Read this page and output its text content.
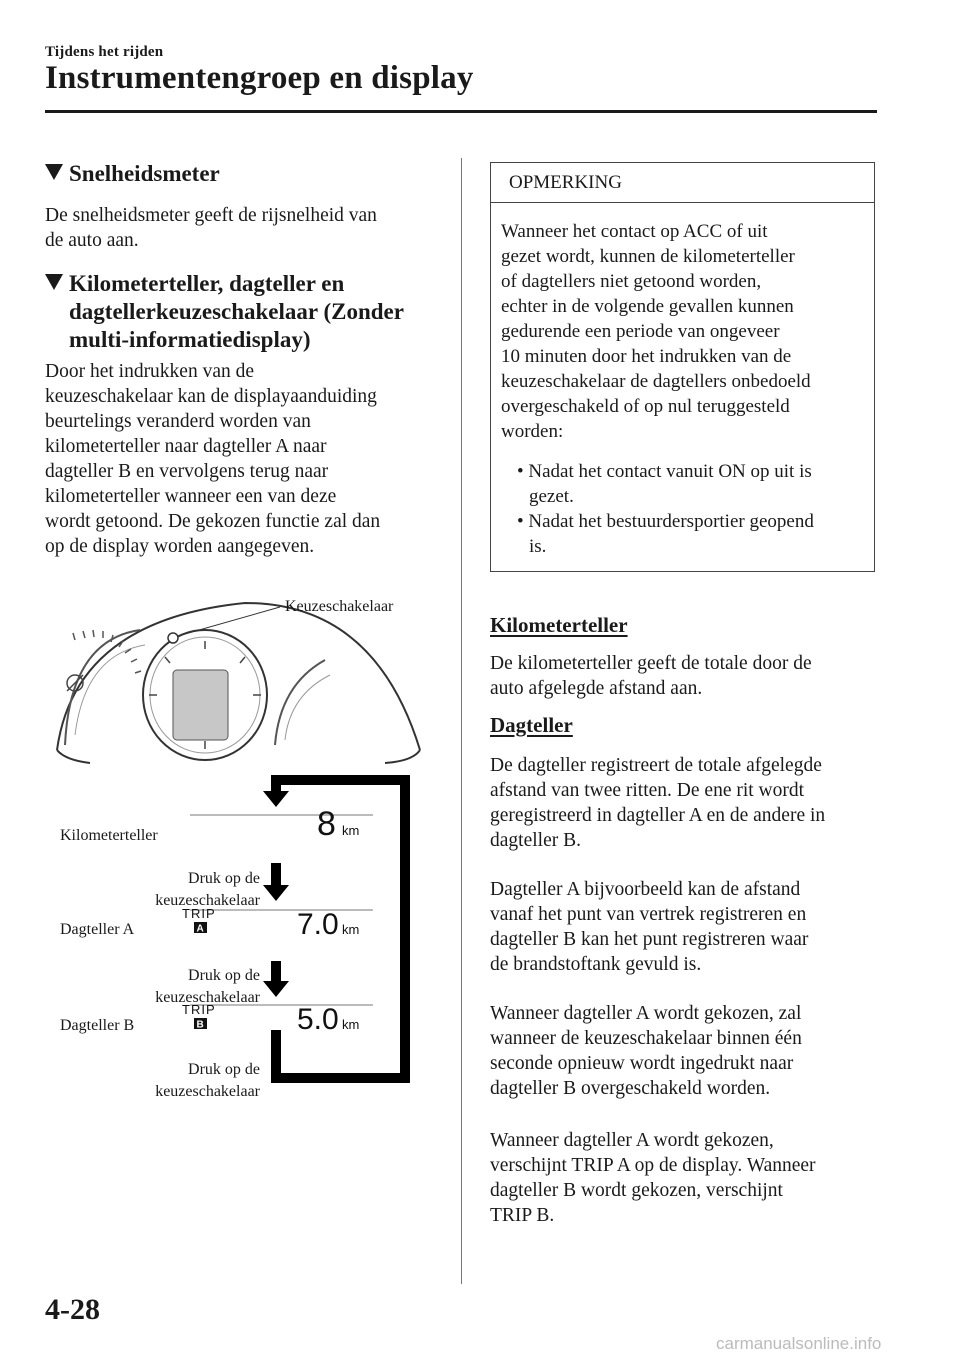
Tijdens het rijden
Instrumentengroep en display
Snelheidsmeter
De snelheidsmeter geeft de rijsnelheid van
de auto aan.
Kilometerteller, dagteller en
dagtellerkeuzeschakelaar (Zonder
multi-informatiedisplay)
Door het indrukken van de
keuzeschakelaar kan de displayaanduiding
beurtelings veranderd worden van
kilometerteller naar dagteller A naar
dagteller B en vervolgens terug naar
kilometerteller wanneer een van deze
wordt getoond. De gekozen functie zal dan
op de display worden aangegeven.
TRIP
A
TRIP
B
8 km
7.0 km
5.0 km
Keuzeschakelaar
Kilometerteller
Druk op de
keuzeschakelaar
Dagteller A
Druk op de
keuzeschakelaar
Dagteller B
Druk op de
keuzeschakelaar
OPMERKING
Wanneer het contact op ACC of uit
gezet wordt, kunnen de kilometerteller
of dagtellers niet getoond worden,
echter in de volgende gevallen kunnen
gedurende een periode van ongeveer
10 minuten door het indrukken van de
keuzeschakelaar de dagtellers onbedoeld
overgeschakeld of op nul teruggesteld
worden:
• Nadat het contact vanuit ON op uit is
gezet.
• Nadat het bestuurdersportier geopend
is.
Kilometerteller
De kilometerteller geeft de totale door de
auto afgelegde afstand aan.
Dagteller
De dagteller registreert de totale afgelegde
afstand van twee ritten. De ene rit wordt
geregistreerd in dagteller A en de andere in
dagteller B.
Dagteller A bijvoorbeeld kan de afstand
vanaf het punt van vertrek registreren en
dagteller B kan het punt registreren waar
de brandstoftank gevuld is.
Wanneer dagteller A wordt gekozen, zal
wanneer de keuzeschakelaar binnen één
seconde opnieuw wordt ingedrukt naar
dagteller B overgeschakeld worden.
Wanneer dagteller A wordt gekozen,
verschijnt TRIP A op de display. Wanneer
dagteller B wordt gekozen, verschijnt
TRIP B.
4-28
carmanualsonline.info
